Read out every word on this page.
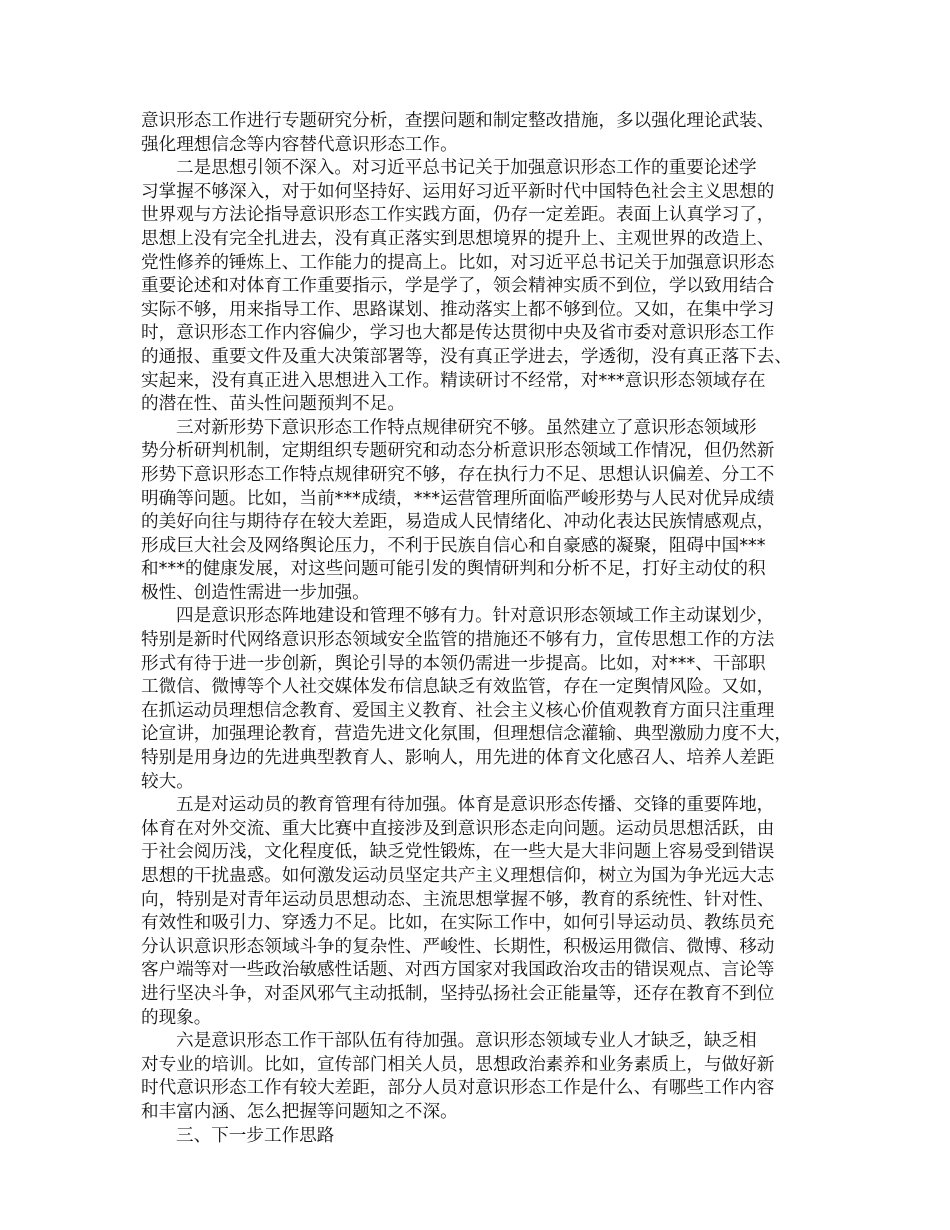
意识形态工作进行专题研究分析，查摆问题和制定整改措施，多以强化理论武装、
强化理想信念等内容替代意识形态工作。
二是思想引领不深入。对习近平总书记关于加强意识形态工作的重要论述学
习掌握不够深入，对于如何坚持好、运用好习近平新时代中国特色社会主义思想的
世界观与方法论指导意识形态工作实践方面，仍存一定差距。表面上认真学习了，
思想上没有完全扎进去，没有真正落实到思想境界的提升上、主观世界的改造上、
党性修养的锤炼上、工作能力的提高上。比如，对习近平总书记关于加强意识形态
重要论述和对体育工作重要指示，学是学了，领会精神实质不到位，学以致用结合
实际不够，用来指导工作、思路谋划、推动落实上都不够到位。又如，在集中学习
时，意识形态工作内容偏少，学习也大都是传达贯彻中央及省市委对意识形态工作
的通报、重要文件及重大决策部署等，没有真正学进去，学透彻，没有真正落下去、
实起来，没有真正进入思想进入工作。精读研讨不经常，对***意识形态领域存在
的潜在性、苗头性问题预判不足。
三对新形势下意识形态工作特点规律研究不够。虽然建立了意识形态领域形
势分析研判机制，定期组织专题研究和动态分析意识形态领域工作情况，但仍然新
形势下意识形态工作特点规律研究不够，存在执行力不足、思想认识偏差、分工不
明确等问题。比如，当前***成绩，***运营管理所面临严峻形势与人民对优异成绩
的美好向往与期待存在较大差距，易造成人民情绪化、冲动化表达民族情感观点，
形成巨大社会及网络舆论压力，不利于民族自信心和自豪感的凝聚，阻碍中国***
和***的健康发展，对这些问题可能引发的舆情研判和分析不足，打好主动仗的积
极性、创造性需进一步加强。
四是意识形态阵地建设和管理不够有力。针对意识形态领域工作主动谋划少，
特别是新时代网络意识形态领域安全监管的措施还不够有力，宣传思想工作的方法
形式有待于进一步创新，舆论引导的本领仍需进一步提高。比如，对***、干部职
工微信、微博等个人社交媒体发布信息缺乏有效监管，存在一定舆情风险。又如，
在抓运动员理想信念教育、爱国主义教育、社会主义核心价值观教育方面只注重理
论宣讲，加强理论教育，营造先进文化氛围，但理想信念灌输、典型激励力度不大，
特别是用身边的先进典型教育人、影响人，用先进的体育文化感召人、培养人差距
较大。
五是对运动员的教育管理有待加强。体育是意识形态传播、交锋的重要阵地，
体育在对外交流、重大比赛中直接涉及到意识形态走向问题。运动员思想活跃，由
于社会阅历浅，文化程度低，缺乏党性锻炼，在一些大是大非问题上容易受到错误
思想的干扰蛊惑。如何激发运动员坚定共产主义理想信仰，树立为国为争光远大志
向，特别是对青年运动员思想动态、主流思想掌握不够，教育的系统性、针对性、
有效性和吸引力、穿透力不足。比如，在实际工作中，如何引导运动员、教练员充
分认识意识形态领域斗争的复杂性、严峻性、长期性，积极运用微信、微博、移动
客户端等对一些政治敏感性话题、对西方国家对我国政治攻击的错误观点、言论等
进行坚决斗争，对歪风邪气主动抵制，坚持弘扬社会正能量等，还存在教育不到位
的现象。
六是意识形态工作干部队伍有待加强。意识形态领域专业人才缺乏，缺乏相
对专业的培训。比如，宣传部门相关人员，思想政治素养和业务素质上，与做好新
时代意识形态工作有较大差距，部分人员对意识形态工作是什么、有哪些工作内容
和丰富内涵、怎么把握等问题知之不深。
三、下一步工作思路
